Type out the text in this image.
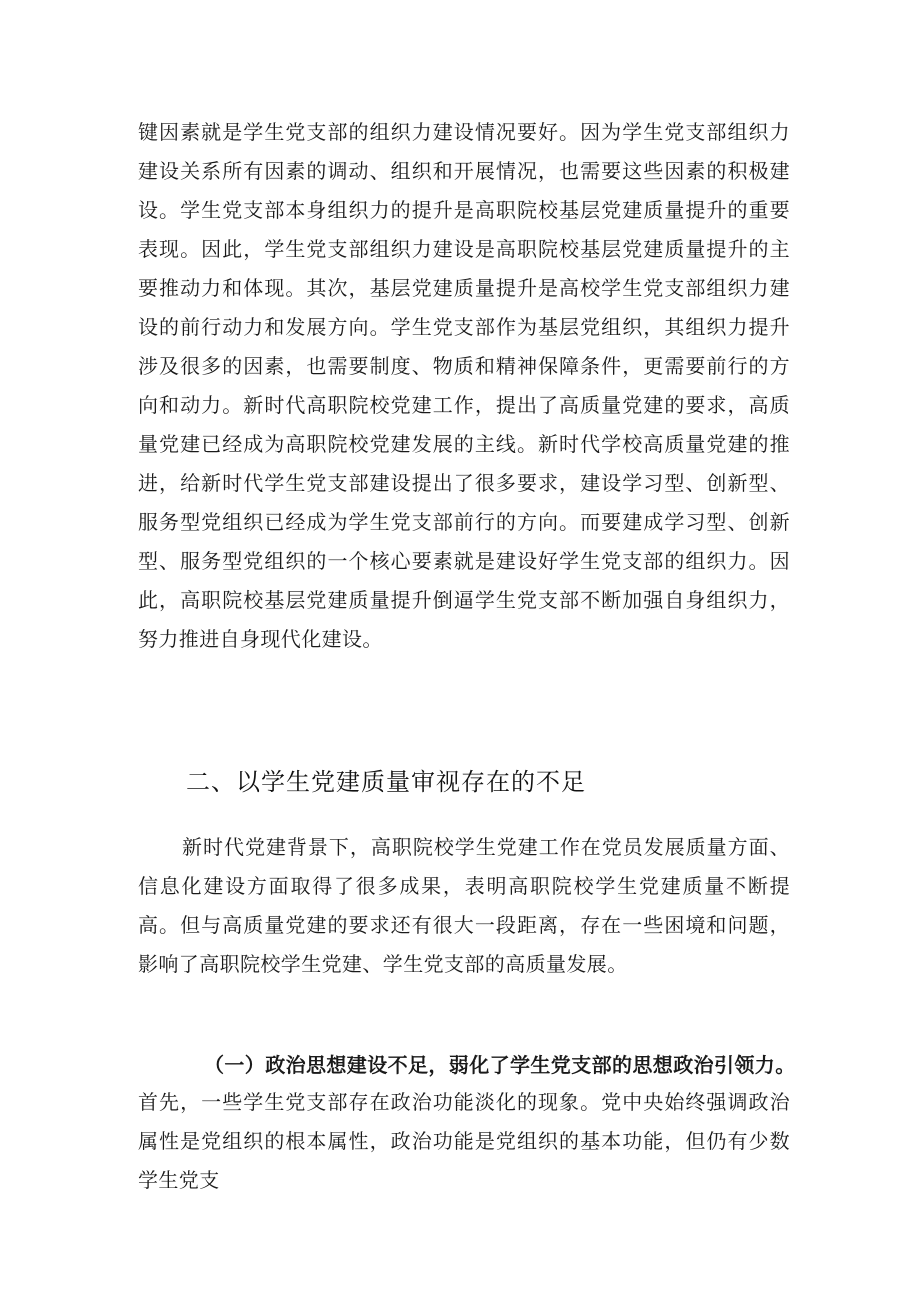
键因素就是学生党支部的组织力建设情况要好。因为学生党支部组织力建设关系所有因素的调动、组织和开展情况，也需要这些因素的积极建设。学生党支部本身组织力的提升是高职院校基层党建质量提升的重要表现。因此，学生党支部组织力建设是高职院校基层党建质量提升的主要推动力和体现。其次，基层党建质量提升是高校学生党支部组织力建设的前行动力和发展方向。学生党支部作为基层党组织，其组织力提升涉及很多的因素，也需要制度、物质和精神保障条件，更需要前行的方向和动力。新时代高职院校党建工作，提出了高质量党建的要求，高质量党建已经成为高职院校党建发展的主线。新时代学校高质量党建的推进，给新时代学生党支部建设提出了很多要求，建设学习型、创新型、服务型党组织已经成为学生党支部前行的方向。而要建成学习型、创新型、服务型党组织的一个核心要素就是建设好学生党支部的组织力。因此，高职院校基层党建质量提升倒逼学生党支部不断加强自身组织力，努力推进自身现代化建设。

二、以学生党建质量审视存在的不足

新时代党建背景下，高职院校学生党建工作在党员发展质量方面、信息化建设方面取得了很多成果，表明高职院校学生党建质量不断提高。但与高质量党建的要求还有很大一段距离，存在一些困境和问题，影响了高职院校学生党建、学生党支部的高质量发展。

（一）政治思想建设不足，弱化了学生党支部的思想政治引领力。

首先，一些学生党支部存在政治功能淡化的现象。党中央始终强调政治属性是党组织的根本属性，政治功能是党组织的基本功能，但仍有少数学生党支
